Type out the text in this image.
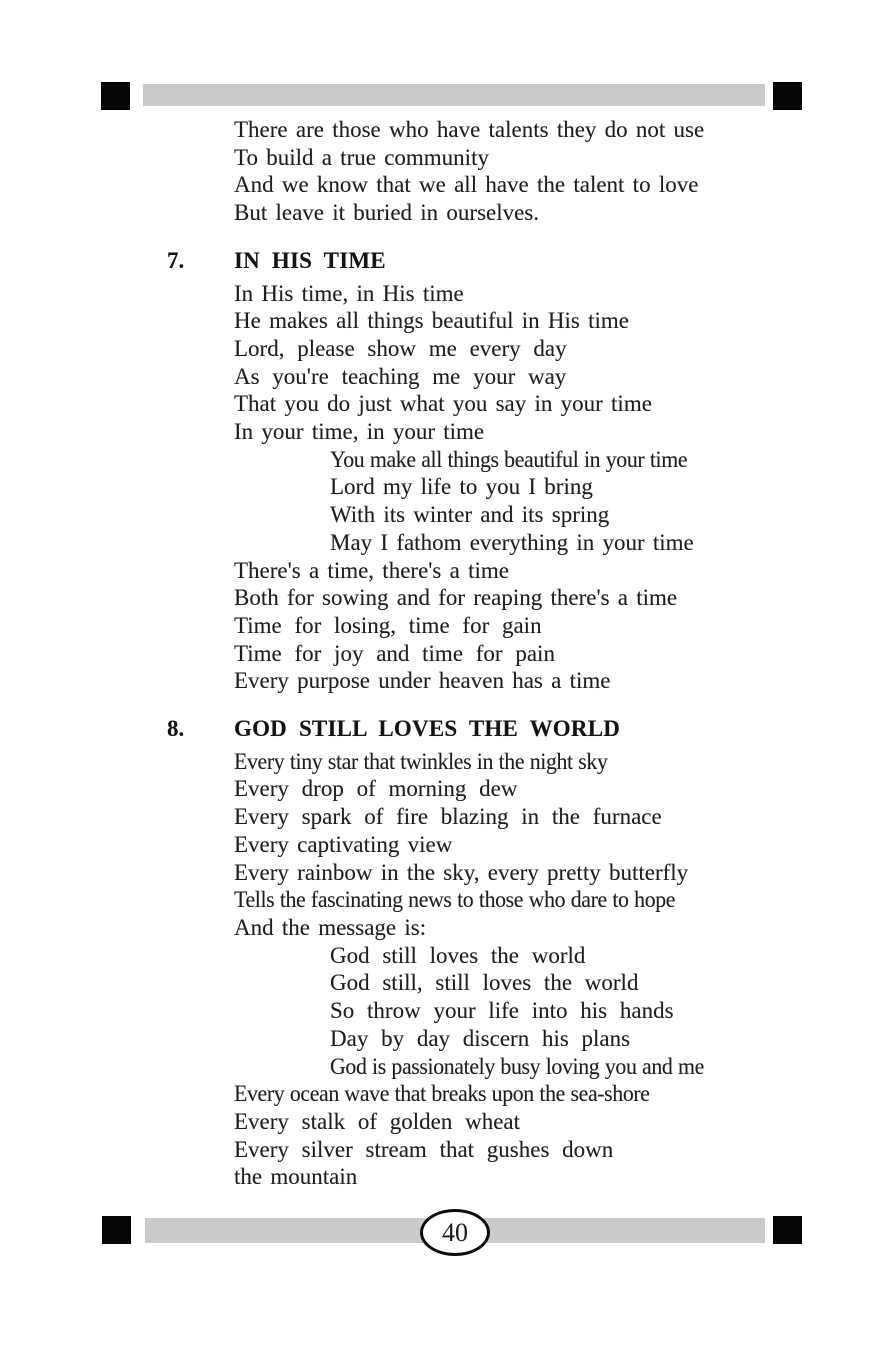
There are those who have talents they do not use
To build a true community
And we know that we all have the talent to love
But leave it buried in ourselves.
7. IN HIS TIME
In His time, in His time
He makes all things beautiful in His time
Lord, please show me every day
As you're teaching me your way
That you do just what you say in your time
In your time, in your time
You make all things beautiful in your time
Lord my life to you I bring
With its winter and its spring
May I fathom everything in your time
There's a time, there's a time
Both for sowing and for reaping there's a time
Time for losing, time for gain
Time for joy and time for pain
Every purpose under heaven has a time
8. GOD STILL LOVES THE WORLD
Every tiny star that twinkles in the night sky
Every drop of morning dew
Every spark of fire blazing in the furnace
Every captivating view
Every rainbow in the sky, every pretty butterfly
Tells the fascinating news to those who dare to hope
And the message is:
God still loves the world
God still, still loves the world
So throw your life into his hands
Day by day discern his plans
God is passionately busy loving you and me
Every ocean wave that breaks upon the sea-shore
Every stalk of golden wheat
Every silver stream that gushes down
the mountain
40
